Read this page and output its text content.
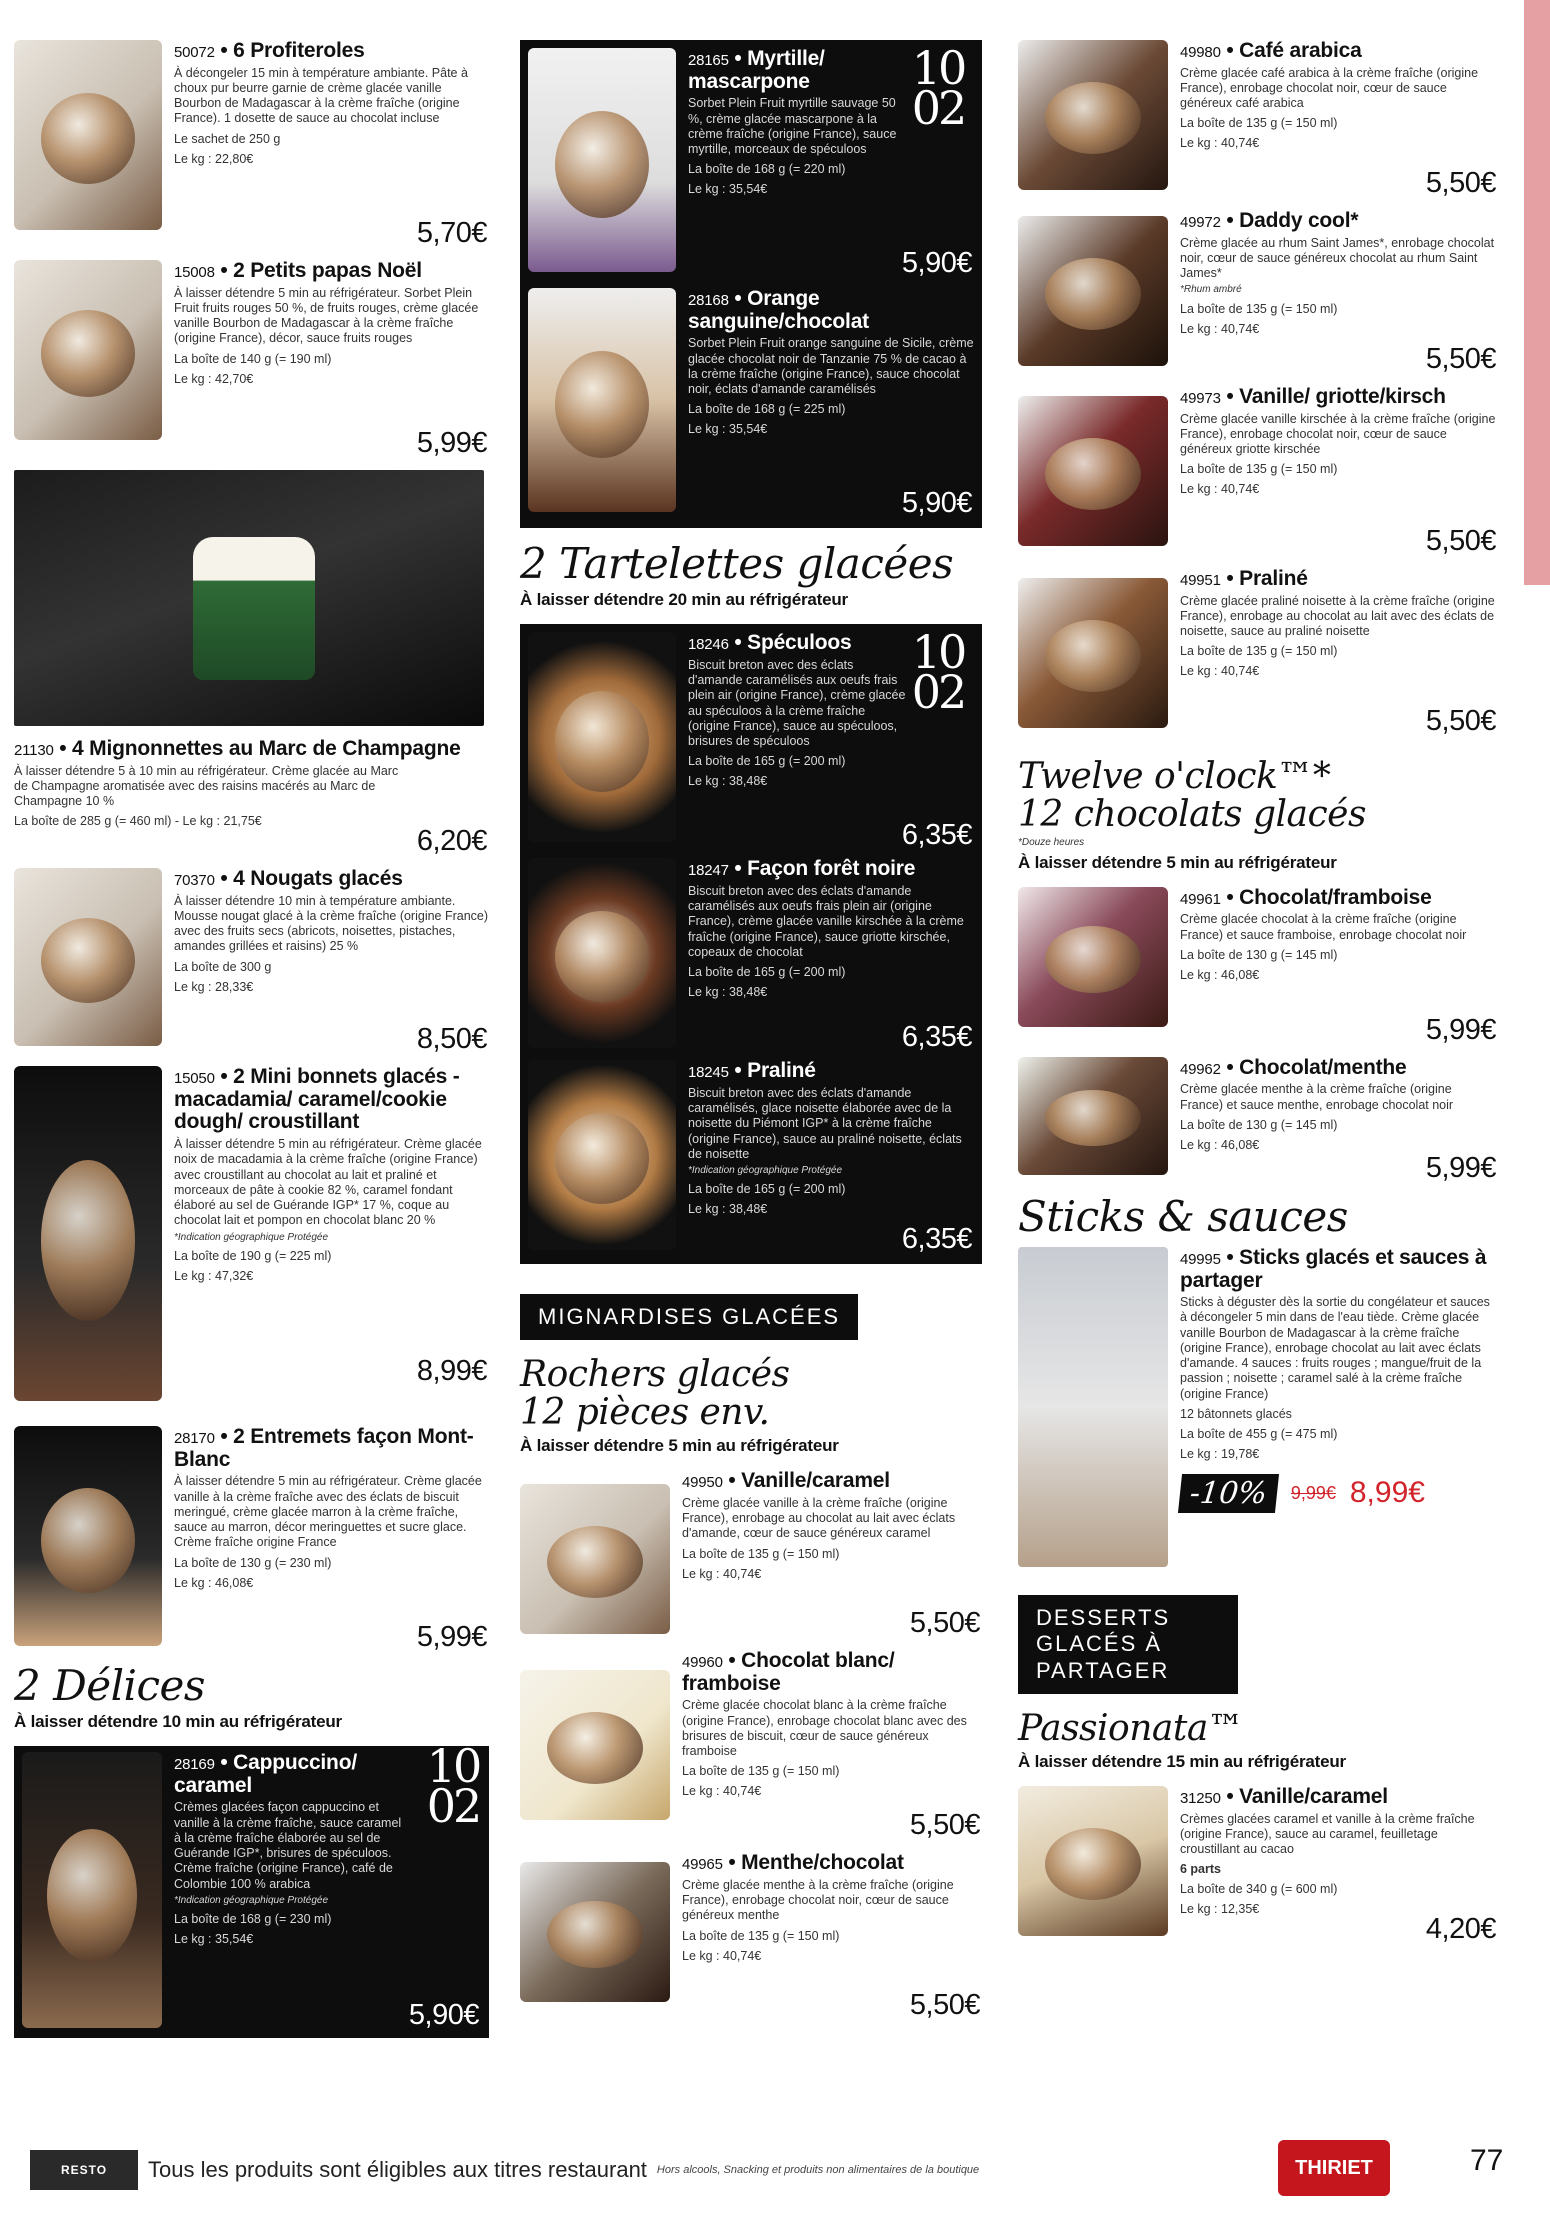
50072 • 6 Profiteroles
À décongeler 15 min à température ambiante. Pâte à choux pur beurre garnie de crème glacée vanille Bourbon de Madagascar à la crème fraîche (origine France). 1 dosette de sauce au chocolat incluse
Le sachet de 250 g
Le kg : 22,80€
5,70€
15008 • 2 Petits papas Noël
À laisser détendre 5 min au réfrigérateur. Sorbet Plein Fruit fruits rouges 50 %, de fruits rouges, crème glacée vanille Bourbon de Madagascar à la crème fraîche (origine France), décor, sauce fruits rouges
La boîte de 140 g (= 190 ml)
Le kg : 42,70€
5,99€
21130 • 4 Mignonnettes au Marc de Champagne
À laisser détendre 5 à 10 min au réfrigérateur. Crème glacée au Marc de Champagne aromatisée avec des raisins macérés au Marc de Champagne 10 %
La boîte de 285 g (= 460 ml) - Le kg : 21,75€
6,20€
70370 • 4 Nougats glacés
À laisser détendre 10 min à température ambiante. Mousse nougat glacé à la crème fraîche (origine France) avec des fruits secs (abricots, noisettes, pistaches, amandes grillées et raisins) 25 %
La boîte de 300 g
Le kg : 28,33€
8,50€
15050 • 2 Mini bonnets glacés - macadamia/ caramel/cookie dough/ croustillant
À laisser détendre 5 min au réfrigérateur. Crème glacée noix de macadamia à la crème fraîche (origine France) avec croustillant au chocolat au lait et praliné et morceaux de pâte à cookie 82 %, caramel fondant élaboré au sel de Guérande IGP* 17 %, coque au chocolat lait et pompon en chocolat blanc 20 %
*Indication géographique Protégée
La boîte de 190 g (= 225 ml)
Le kg : 47,32€
8,99€
28170 • 2 Entremets façon Mont-Blanc
À laisser détendre 5 min au réfrigérateur. Crème glacée vanille à la crème fraîche avec des éclats de biscuit meringué, crème glacée marron à la crème fraîche, sauce au marron, décor meringuettes et sucre glace. Crème fraîche origine France
La boîte de 130 g (= 230 ml)
Le kg : 46,08€
5,99€
2 Délices
À laisser détendre 10 min au réfrigérateur
28169 • Cappuccino/ caramel
Crèmes glacées façon cappuccino et vanille à la crème fraîche, sauce caramel à la crème fraîche élaborée au sel de Guérande IGP*, brisures de spéculoos. Crème fraîche (origine France), café de Colombie 100 % arabica
*Indication géographique Protégée
La boîte de 168 g (= 230 ml)
Le kg : 35,54€
10 02
5,90€
28165 • Myrtille/ mascarpone
Sorbet Plein Fruit myrtille sauvage 50 %, crème glacée mascarpone à la crème fraîche (origine France), sauce myrtille, morceaux de spéculoos
La boîte de 168 g (= 220 ml)
Le kg : 35,54€
10 02
5,90€
28168 • Orange sanguine/chocolat
Sorbet Plein Fruit orange sanguine de Sicile, crème glacée chocolat noir de Tanzanie 75 % de cacao à la crème fraîche (origine France), sauce chocolat noir, éclats d'amande caramélisés
La boîte de 168 g (= 225 ml)
Le kg : 35,54€
5,90€
2 Tartelettes glacées
À laisser détendre 20 min au réfrigérateur
18246 • Spéculoos
Biscuit breton avec des éclats d'amande caramélisés aux oeufs frais plein air (origine France), crème glacée au spéculoos à la crème fraîche (origine France), sauce au spéculoos, brisures de spéculoos
La boîte de 165 g (= 200 ml)
Le kg : 38,48€
10 02
6,35€
18247 • Façon forêt noire
Biscuit breton avec des éclats d'amande caramélisés aux oeufs frais plein air (origine France), crème glacée vanille kirschée à la crème fraîche (origine France), sauce griotte kirschée, copeaux de chocolat
La boîte de 165 g (= 200 ml)
Le kg : 38,48€
6,35€
18245 • Praliné
Biscuit breton avec des éclats d'amande caramélisés, glace noisette élaborée avec de la noisette du Piémont IGP* à la crème fraîche (origine France), sauce au praliné noisette, éclats de noisette
*Indication géographique Protégée
La boîte de 165 g (= 200 ml)
Le kg : 38,48€
6,35€
MIGNARDISES GLACÉES
Rochers glacés
12 pièces env.
À laisser détendre 5 min au réfrigérateur
49950 • Vanille/caramel
Crème glacée vanille à la crème fraîche (origine France), enrobage au chocolat au lait avec éclats d'amande, cœur de sauce généreux caramel
La boîte de 135 g (= 150 ml)
Le kg : 40,74€
5,50€
49960 • Chocolat blanc/ framboise
Crème glacée chocolat blanc à la crème fraîche (origine France), enrobage chocolat blanc avec des brisures de biscuit, cœur de sauce généreux framboise
La boîte de 135 g (= 150 ml)
Le kg : 40,74€
5,50€
49965 • Menthe/chocolat
Crème glacée menthe à la crème fraîche (origine France), enrobage chocolat noir, cœur de sauce généreux menthe
La boîte de 135 g (= 150 ml)
Le kg : 40,74€
5,50€
49980 • Café arabica
Crème glacée café arabica à la crème fraîche (origine France), enrobage chocolat noir, cœur de sauce généreux café arabica
La boîte de 135 g (= 150 ml)
Le kg : 40,74€
5,50€
49972 • Daddy cool*
Crème glacée au rhum Saint James*, enrobage chocolat noir, cœur de sauce généreux chocolat au rhum Saint James*
*Rhum ambré
La boîte de 135 g (= 150 ml)
Le kg : 40,74€
5,50€
49973 • Vanille/ griotte/kirsch
Crème glacée vanille kirschée à la crème fraîche (origine France), enrobage chocolat noir, cœur de sauce généreux griotte kirschée
La boîte de 135 g (= 150 ml)
Le kg : 40,74€
5,50€
49951 • Praliné
Crème glacée praliné noisette à la crème fraîche (origine France), enrobage au chocolat au lait avec des éclats de noisette, sauce au praliné noisette
La boîte de 135 g (= 150 ml)
Le kg : 40,74€
5,50€
Twelve o'clock™*
12 chocolats glacés
*Douze heures
À laisser détendre 5 min au réfrigérateur
49961 • Chocolat/framboise
Crème glacée chocolat à la crème fraîche (origine France) et sauce framboise, enrobage chocolat noir
La boîte de 130 g (= 145 ml)
Le kg : 46,08€
5,99€
49962 • Chocolat/menthe
Crème glacée menthe à la crème fraîche (origine France) et sauce menthe, enrobage chocolat noir
La boîte de 130 g (= 145 ml)
Le kg : 46,08€
5,99€
Sticks & sauces
49995 • Sticks glacés et sauces à partager
Sticks à déguster dès la sortie du congélateur et sauces à décongeler 5 min dans de l'eau tiède. Crème glacée vanille Bourbon de Madagascar à la crème fraîche (origine France), enrobage chocolat au lait avec éclats d'amande. 4 sauces : fruits rouges ; mangue/fruit de la passion ; noisette ; caramel salé à la crème fraîche (origine France)
12 bâtonnets glacés
La boîte de 455 g (= 475 ml)
Le kg : 19,78€
-10%	9,99€ 8,99€
DESSERTS GLACÉS À PARTAGER
Passionata™
À laisser détendre 15 min au réfrigérateur
31250 • Vanille/caramel
Crèmes glacées caramel et vanille à la crème fraîche (origine France), sauce au caramel, feuilletage croustillant au cacao
6 parts
La boîte de 340 g (= 600 ml)
Le kg : 12,35€
4,20€
RESTO	Tous les produits sont éligibles aux titres restaurant Hors alcools, Snacking et produits non alimentaires de la boutique	THIRIET	77
